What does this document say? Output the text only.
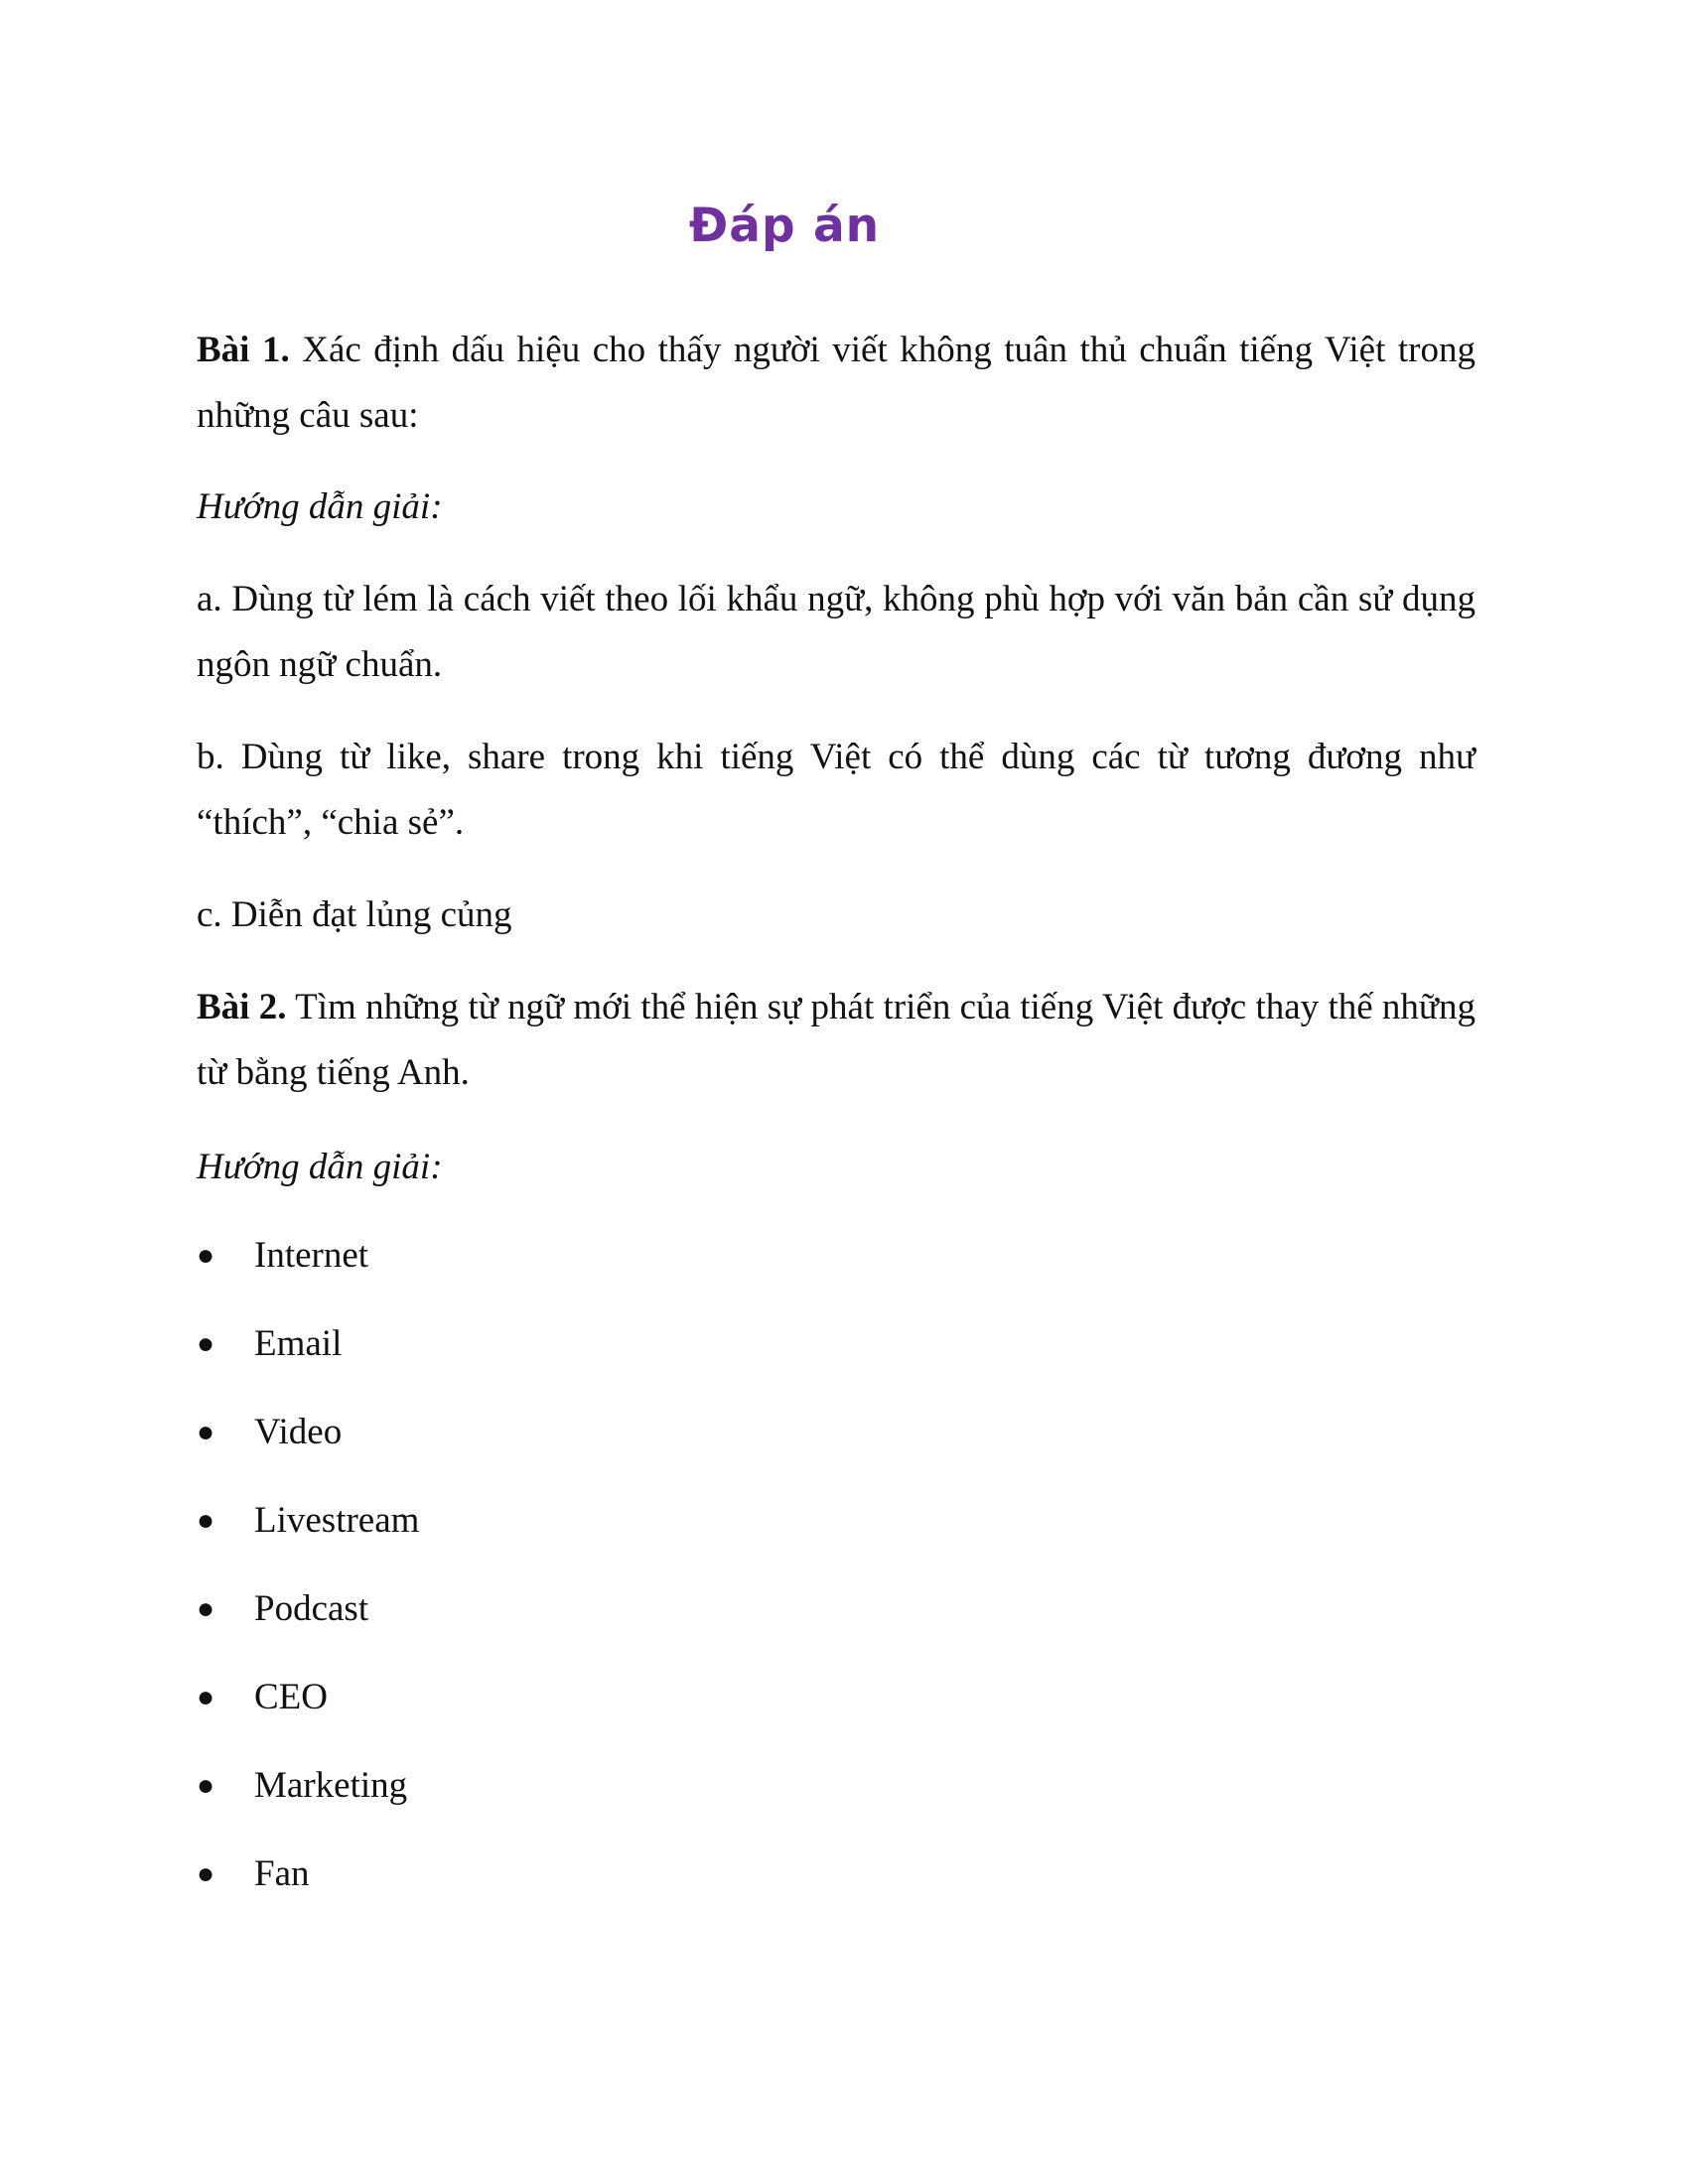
Đáp án
Bài 1. Xác định dấu hiệu cho thấy người viết không tuân thủ chuẩn tiếng Việt trong những câu sau:
Hướng dẫn giải:
a. Dùng từ lém là cách viết theo lối khẩu ngữ, không phù hợp với văn bản cần sử dụng ngôn ngữ chuẩn.
b. Dùng từ like, share trong khi tiếng Việt có thể dùng các từ tương đương như “thích”, “chia sẻ”.
c. Diễn đạt lủng củng
Bài 2. Tìm những từ ngữ mới thể hiện sự phát triển của tiếng Việt được thay thế những từ bằng tiếng Anh.
Hướng dẫn giải:
●	Internet
●	Email
●	Video
●	Livestream
●	Podcast
●	CEO
●	Marketing
●	Fan
